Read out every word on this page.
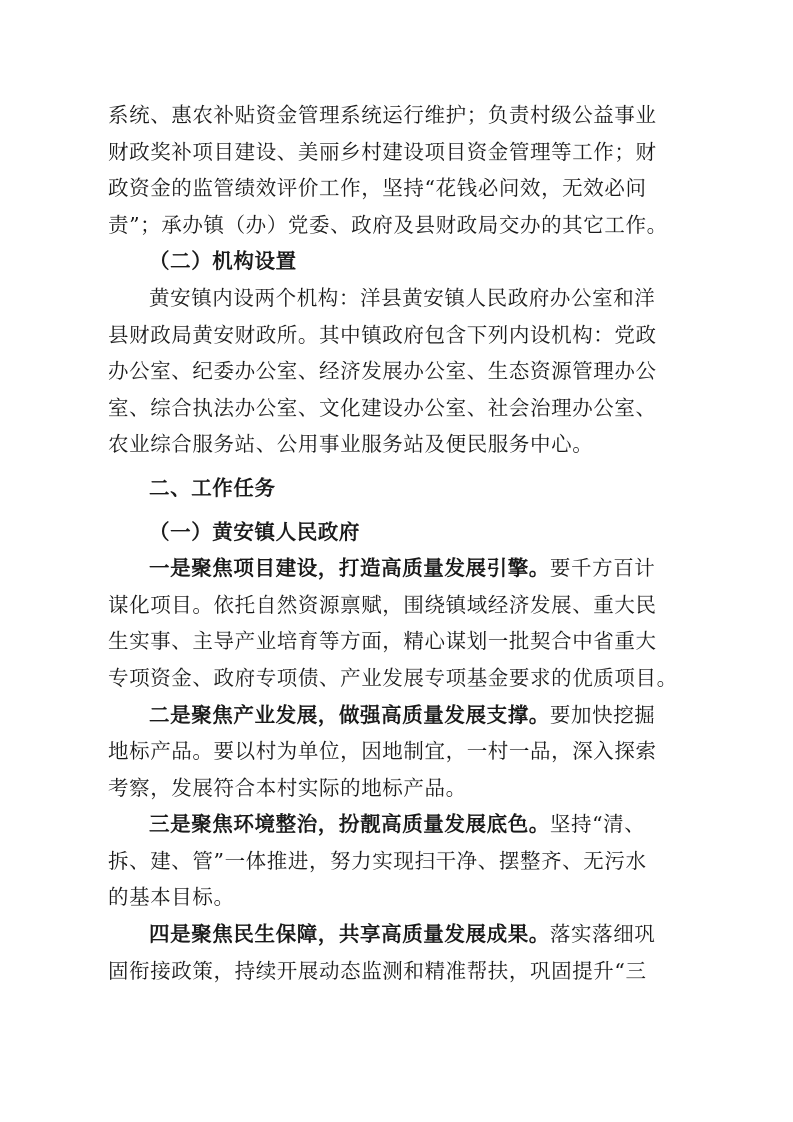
系统、惠农补贴资金管理系统运行维护；负责村级公益事业
财政奖补项目建设、美丽乡村建设项目资金管理等工作；财
政资金的监管绩效评价工作，坚持“花钱必问效，无效必问
责”；承办镇（办）党委、政府及县财政局交办的其它工作。
（二）机构设置
黄安镇内设两个机构：洋县黄安镇人民政府办公室和洋
县财政局黄安财政所。其中镇政府包含下列内设机构：党政
办公室、纪委办公室、经济发展办公室、生态资源管理办公
室、综合执法办公室、文化建设办公室、社会治理办公室、
农业综合服务站、公用事业服务站及便民服务中心。
二、工作任务
（一）黄安镇人民政府
一是聚焦项目建设，打造高质量发展引擎。要千方百计
谋化项目。依托自然资源禀赋，围绕镇域经济发展、重大民
生实事、主导产业培育等方面，精心谋划一批契合中省重大
专项资金、政府专项债、产业发展专项基金要求的优质项目。
二是聚焦产业发展，做强高质量发展支撑。要加快挖掘
地标产品。要以村为单位，因地制宜，一村一品，深入探索
考察，发展符合本村实际的地标产品。
三是聚焦环境整治，扮靓高质量发展底色。坚持“清、
拆、建、管”一体推进，努力实现扫干净、摆整齐、无污水
的基本目标。
四是聚焦民生保障，共享高质量发展成果。落实落细巩
固衔接政策，持续开展动态监测和精准帮扶，巩固提升“三
